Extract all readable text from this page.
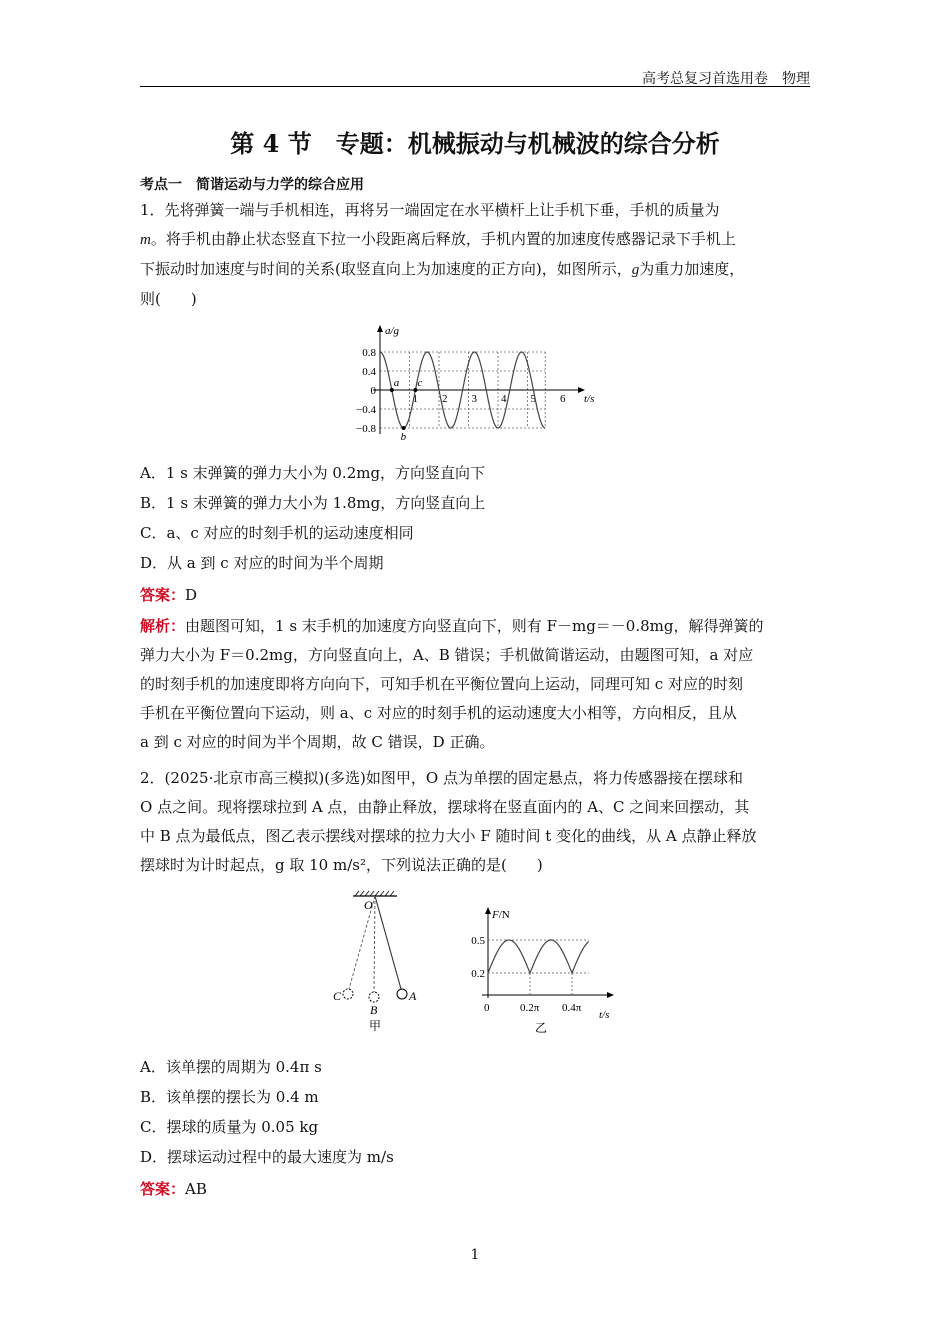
高考总复习首选用卷　物理
第 4 节　专题：机械振动与机械波的综合分析
考点一　简谐运动与力学的综合应用
1．先将弹簧一端与手机相连，再将另一端固定在水平横杆上让手机下垂，手机的质量为
m。将手机由静止状态竖直下拉一小段距离后释放，手机内置的加速度传感器记录下手机上
下振动时加速度与时间的关系(取竖直向上为加速度的正方向)，如图所示，g为重力加速度，
则(　　)
a/g
t/s
0.8
0.4
0
−0.4
−0.8
1 2 3 4 5 6
a
b
c
A．1 s 末弹簧的弹力大小为 0.2mg，方向竖直向下
B．1 s 末弹簧的弹力大小为 1.8mg，方向竖直向上
C．a、c 对应的时刻手机的运动速度相同
D．从 a 到 c 对应的时间为半个周期
答案：D
解析：由题图可知，1 s 末手机的加速度方向竖直向下，则有 F－mg＝－0.8mg，解得弹簧的
弹力大小为 F＝0.2mg，方向竖直向上，A、B 错误；手机做简谐运动，由题图可知，a 对应
的时刻手机的加速度即将方向向下，可知手机在平衡位置向上运动，同理可知 c 对应的时刻
手机在平衡位置向下运动，则 a、c 对应的时刻手机的运动速度大小相等，方向相反，且从
a 到 c 对应的时间为半个周期，故 C 错误，D 正确。
2．(2025·北京市高三模拟)(多选)如图甲，O 点为单摆的固定悬点，将力传感器接在摆球和
O 点之间。现将摆球拉到 A 点，由静止释放，摆球将在竖直面内的 A、C 之间来回摆动，其
中 B 点为最低点，图乙表示摆线对摆球的拉力大小 F 随时间 t 变化的曲线，从 A 点静止释放
摆球时为计时起点，g 取 10 m/s²，下列说法正确的是(　　)
O
A
B
C
甲
F/N
t/s
0.5
0.2
0	0.2π 0.4π
乙
A．该单摆的周期为 0.4π s
B．该单摆的摆长为 0.4 m
C．摆球的质量为 0.05 kg
D．摆球运动过程中的最大速度为 m/s
答案：AB
1
